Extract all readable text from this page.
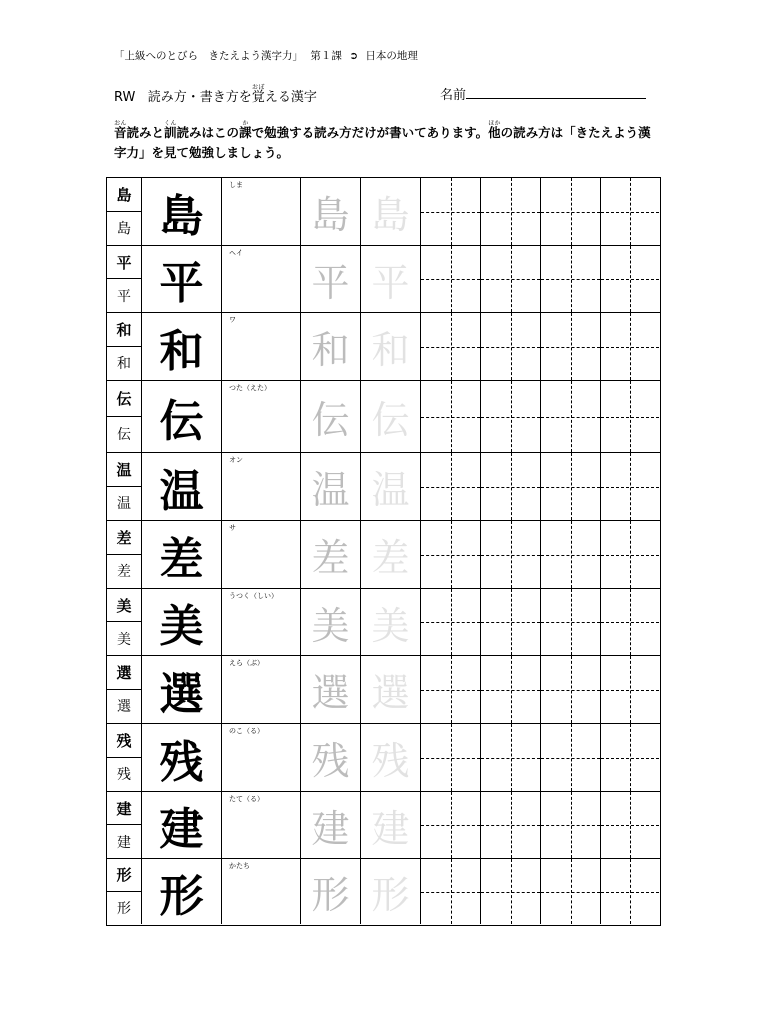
「上級へのとびら　きたえよう漢字力」 第１課 ➲ 日本の地理
RW 読み方・書き方を覚おぼえる漢字	名前
音おん読みと訓くん読みはこの課かで勉強する読み方だけが書いてあります。他ほかの読み方は「きたえよう漢字力」を見て勉強しましょう。
島
島 島
しま
島 島
平
平 平
ヘイ
平 平
和
和 和
ワ
和 和
伝
伝 伝
つた（えた）
伝 伝
温
温 温
オン
温 温
差
差 差
サ
差 差
美
美 美
うつく（しい）
美 美
選
選 選
えら（ぶ）
選 選
残
残 残
のこ（る）
残 残
建
建 建
たて（る）
建 建
形
形 形
かたち
形 形
